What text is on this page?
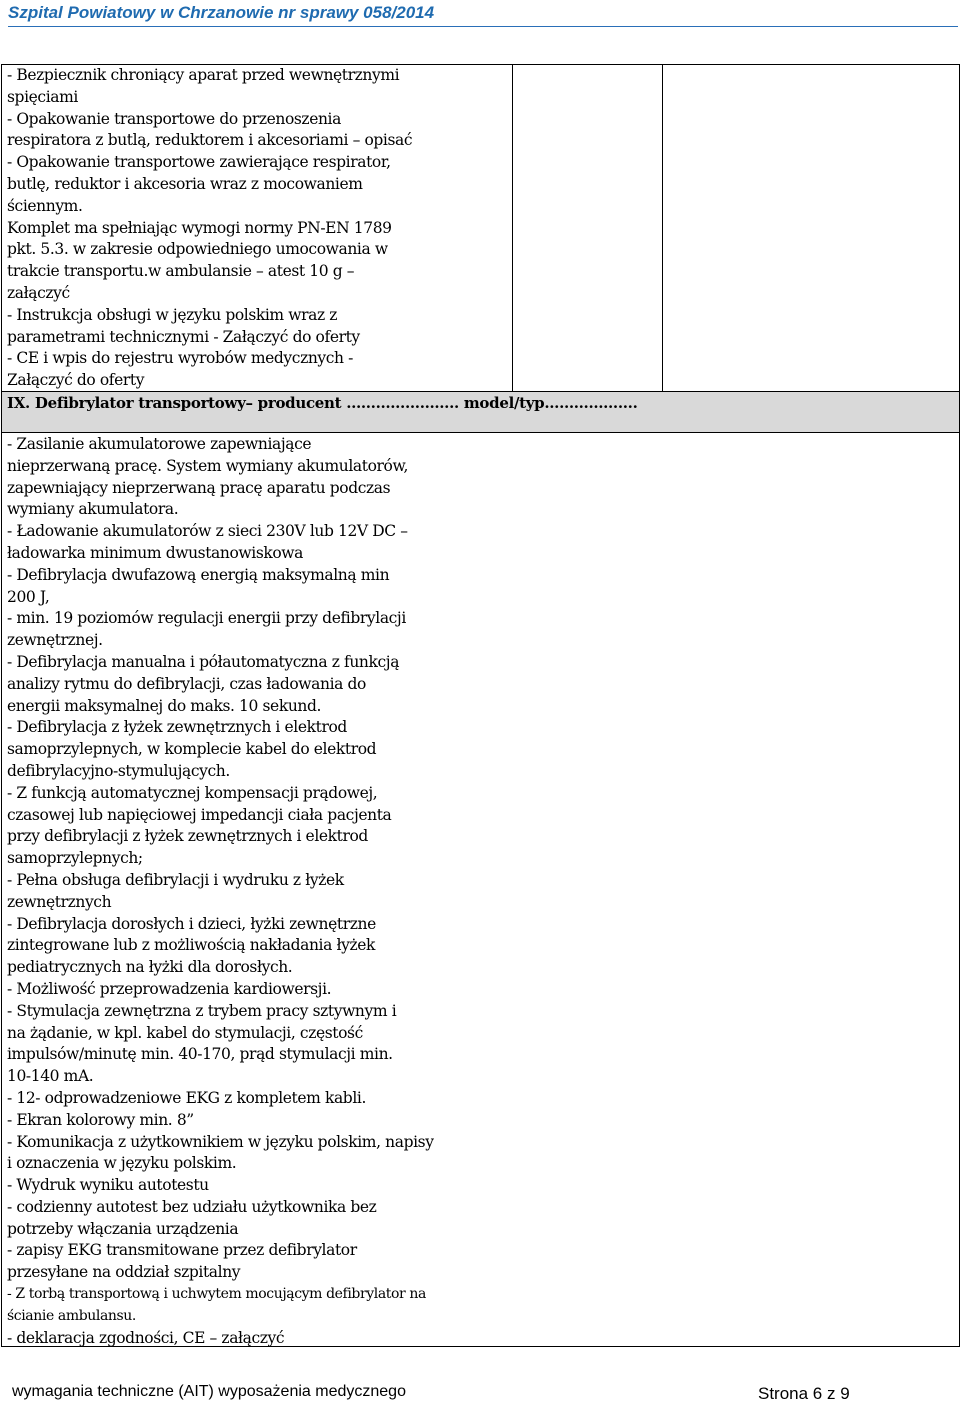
Szpital Powiatowy w Chrzanowie nr sprawy 058/2014
- Bezpiecznik chroniący aparat przed wewnętrznymi
spięciami
- Opakowanie transportowe do przenoszenia
respiratora z butlą, reduktorem i akcesoriami – opisać
- Opakowanie transportowe zawierające respirator,
butlę, reduktor i akcesoria wraz z mocowaniem
ściennym.
Komplet ma spełniając wymogi normy PN-EN 1789
pkt. 5.3. w zakresie odpowiedniego umocowania w
trakcie transportu.w ambulansie – atest 10 g –
załączyć
- Instrukcja obsługi w języku polskim wraz z
parametrami technicznymi - Załączyć do oferty
- CE i wpis do rejestru wyrobów medycznych -
Załączyć do oferty
IX. Defibrylator transportowy– producent ………………….. model/typ……………….
- Zasilanie akumulatorowe zapewniające
nieprzerwaną pracę. System wymiany akumulatorów,
zapewniający nieprzerwaną pracę aparatu podczas
wymiany akumulatora.
- Ładowanie akumulatorów z sieci 230V lub 12V DC –
ładowarka minimum dwustanowiskowa
- Defibrylacja dwufazową energią maksymalną min
200 J,
- min. 19 poziomów regulacji energii przy defibrylacji
zewnętrznej.
- Defibrylacja manualna i półautomatyczna z funkcją
analizy rytmu do defibrylacji, czas ładowania do
energii maksymalnej do maks. 10 sekund.
- Defibrylacja z łyżek zewnętrznych i elektrod
samoprzylepnych, w komplecie kabel do elektrod
defibrylacyjno-stymulujących.
- Z funkcją automatycznej kompensacji prądowej,
czasowej lub napięciowej impedancji ciała pacjenta
przy defibrylacji z łyżek zewnętrznych i elektrod
samoprzylepnych;
- Pełna obsługa defibrylacji i wydruku z łyżek
zewnętrznych
- Defibrylacja dorosłych i dzieci, łyżki zewnętrzne
zintegrowane lub z możliwością nakładania łyżek
pediatrycznych na łyżki dla dorosłych.
- Możliwość przeprowadzenia kardiowersji.
- Stymulacja zewnętrzna z trybem pracy sztywnym i
na żądanie, w kpl. kabel do stymulacji, częstość
impulsów/minutę min. 40-170, prąd stymulacji min.
10-140 mA.
- 12- odprowadzeniowe EKG z kompletem kabli.
- Ekran kolorowy min. 8”
- Komunikacja z użytkownikiem w języku polskim, napisy
i oznaczenia w języku polskim.
- Wydruk wyniku autotestu
- codzienny autotest bez udziału użytkownika bez
potrzeby włączania urządzenia
- zapisy EKG transmitowane przez defibrylator
przesyłane na oddział szpitalny
- Z torbą transportową i uchwytem mocującym defibrylator na
ścianie ambulansu.
- deklaracja zgodności, CE – załączyć
wymagania techniczne (AIT) wyposażenia medycznego	Strona 6 z 9
